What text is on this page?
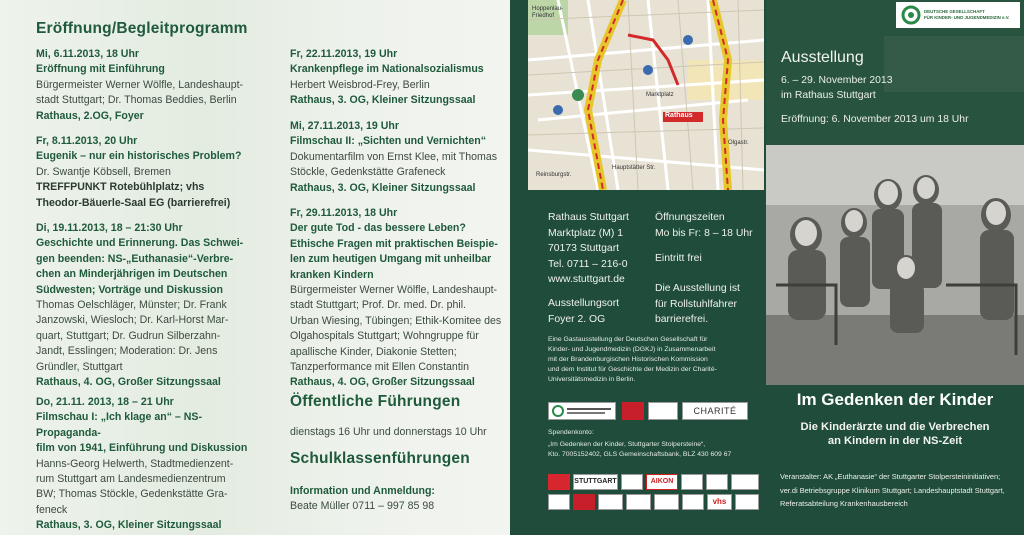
Eröffnung/Begleitprogramm
Mi, 6.11.2013, 18 Uhr
Eröffnung mit Einführung
Bürgermeister Werner Wölfle, Landeshaupt-
stadt Stuttgart; Dr. Thomas Beddies, Berlin
Rathaus, 2.OG, Foyer
Fr, 8.11.2013, 20 Uhr
Eugenik – nur ein historisches Problem?
Dr. Swantje Köbsell, Bremen
TREFFPUNKT Rotebühlplatz; vhs
Theodor-Bäuerle-Saal EG (barrierefrei)
Di, 19.11.2013, 18 – 21:30 Uhr
Geschichte und Erinnerung. Das Schwei-
gen beenden: NS-„Euthanasie“-Verbre-
chen an Minderjährigen im Deutschen
Südwesten; Vorträge und Diskussion
Thomas Oelschläger, Münster; Dr. Frank
Janzowski, Wiesloch; Dr. Karl-Horst Mar-
quart, Stuttgart; Dr. Gudrun Silberzahn-
Jandt, Esslingen; Moderation: Dr. Jens
Gründler, Stuttgart
Rathaus, 4. OG, Großer Sitzungssaal
Do, 21.11. 2013, 18 – 21 Uhr
Filmschau I: „Ich klage an“ – NS-Propaganda-
film von 1941, Einführung und Diskussion
Hanns-Georg Helwerth, Stadtmedienzent-
rum Stuttgart am Landesmedienzentrum
BW; Thomas Stöckle, Gedenkstätte Gra-
feneck
Rathaus, 3. OG, Kleiner Sitzungssaal
Fr, 22.11.2013, 19 Uhr
Krankenpflege im Nationalsozialismus
Herbert Weisbrod-Frey, Berlin
Rathaus, 3. OG, Kleiner Sitzungssaal
Mi, 27.11.2013, 19 Uhr
Filmschau II: „Sichten und Vernichten“
Dokumentarfilm von Ernst Klee, mit Thomas
Stöckle, Gedenkstätte Grafeneck
Rathaus, 3. OG, Kleiner Sitzungssaal
Fr, 29.11.2013, 18 Uhr
Der gute Tod - das bessere Leben?
Ethische Fragen mit praktischen Beispie-
len zum heutigen Umgang mit unheilbar
kranken Kindern
Bürgermeister Werner Wölfle, Landeshaupt-
stadt Stuttgart; Prof. Dr. med. Dr. phil.
Urban Wiesing, Tübingen; Ethik-Komitee des
Olgahospitals Stuttgart; Wohngruppe für
apallische Kinder, Diakonie Stetten;
Tanzperformance mit Ellen Constantin
Rathaus, 4. OG, Großer Sitzungssaal
Öffentliche Führungen
dienstags 16 Uhr und donnerstags 10 Uhr
Schulklassenführungen
Information und Anmeldung:
Beate Müller 0711 – 997 85 98
Rathaus
Marktplatz
Hoppenlau-Friedhof
Reinsburgstr.
Olgastr.
Hauptstätter Str.
Rathaus Stuttgart
Marktplatz (M) 1
70173 Stuttgart
Tel. 0711 – 216-0
www.stuttgart.de
Öffnungszeiten
Mo bis Fr: 8 – 18 Uhr
Eintritt frei
Die Ausstellung ist
für Rollstuhlfahrer
barrierefrei.
Ausstellungsort
Foyer 2. OG
Eine Gastausstellung der Deutschen Gesellschaft für
Kinder- und Jugendmedizin (DGKJ) in Zusammenarbeit
mit der Brandenburgischen Historischen Kommission
und dem Institut für Geschichte der Medizin der Charité-
Universitätsmedizin in Berlin.
CHARITÉ
Spendenkonto:
„Im Gedenken der Kinder, Stuttgarter Stolpersteine“,
Kto. 7005152402, GLS Gemeinschaftsbank, BLZ 430 609 67
STUTTGART	AIKON
vhs
DEUTSCHE GESELLSCHAFT
FÜR KINDER- UND JUGENDMEDIZIN e.V.
Ausstellung
6. – 29. November 2013
im Rathaus Stuttgart
Eröffnung: 6. November 2013 um 18 Uhr
Im Gedenken der Kinder
Die Kinderärzte und die Verbrechen
an Kindern in der NS-Zeit
Veranstalter: AK „Euthanasie“ der Stuttgarter Stolpersteininitiativen;
ver.di Betriebsgruppe Klinikum Stuttgart; Landeshauptstadt Stuttgart,
Referatsabteilung Krankenhausbereich
